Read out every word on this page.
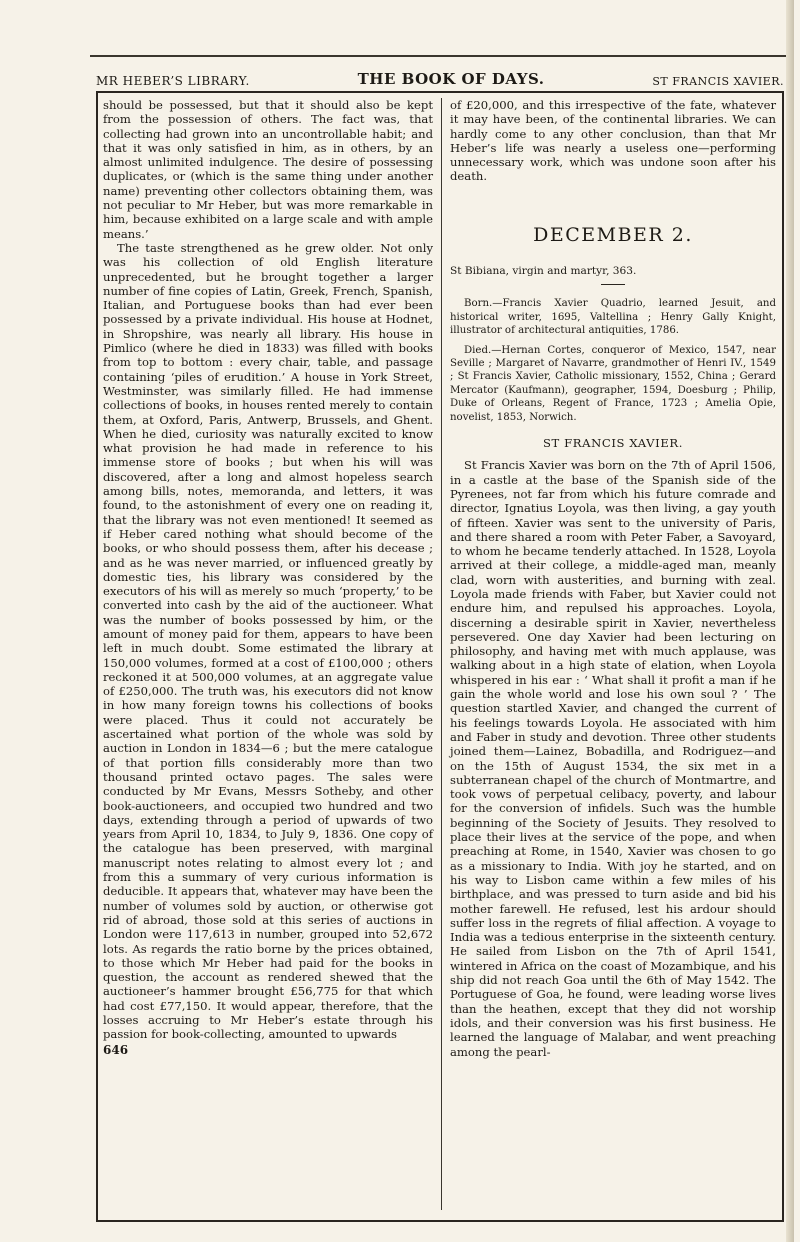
MR HEBER’S LIBRARY.	THE BOOK OF DAYS.	ST FRANCIS XAVIER.

should be possessed, but that it should also be kept from the possession of others. The fact was, that collecting had grown into an uncontrollable habit; and that it was only satisfied in him, as in others, by an almost unlimited indulgence. The desire of possessing duplicates, or (which is the same thing under another name) preventing other collectors obtaining them, was not peculiar to Mr Heber, but was more remarkable in him, because exhibited on a large scale and with ample means.’

The taste strengthened as he grew older. Not only was his collection of old English literature unprecedented, but he brought together a larger number of fine copies of Latin, Greek, French, Spanish, Italian, and Portuguese books than had ever been possessed by a private individual. His house at Hodnet, in Shropshire, was nearly all library. His house in Pimlico (where he died in 1833) was filled with books from top to bottom : every chair, table, and passage containing ‘piles of erudition.’ A house in York Street, Westminster, was similarly filled. He had immense collections of books, in houses rented merely to contain them, at Oxford, Paris, Antwerp, Brussels, and Ghent. When he died, curiosity was naturally excited to know what provision he had made in reference to his immense store of books ; but when his will was discovered, after a long and almost hopeless search among bills, notes, memoranda, and letters, it was found, to the astonishment of every one on reading it, that the library was not even mentioned! It seemed as if Heber cared nothing what should become of the books, or who should possess them, after his decease ; and as he was never married, or influenced greatly by domestic ties, his library was considered by the executors of his will as merely so much ‘property,’ to be converted into cash by the aid of the auctioneer. What was the number of books possessed by him, or the amount of money paid for them, appears to have been left in much doubt. Some estimated the library at 150,000 volumes, formed at a cost of £100,000 ; others reckoned it at 500,000 volumes, at an aggregate value of £250,000. The truth was, his executors did not know in how many foreign towns his collections of books were placed. Thus it could not accurately be ascertained what portion of the whole was sold by auction in London in 1834—6 ; but the mere catalogue of that portion fills considerably more than two thousand printed octavo pages. The sales were conducted by Mr Evans, Messrs Sotheby, and other book-auctioneers, and occupied two hundred and two days, extending through a period of upwards of two years from April 10, 1834, to July 9, 1836. One copy of the catalogue has been preserved, with marginal manuscript notes relating to almost every lot ; and from this a summary of very curious information is deducible. It appears that, whatever may have been the number of volumes sold by auction, or otherwise got rid of abroad, those sold at this series of auctions in London were 117,613 in number, grouped into 52,672 lots. As regards the ratio borne by the prices obtained, to those which Mr Heber had paid for the books in question, the account as rendered shewed that the auctioneer’s hammer brought £56,775 for that which had cost £77,150. It would appear, therefore, that the losses accruing to Mr Heber’s estate through his passion for book-collecting, amounted to upwards

646

of £20,000, and this irrespective of the fate, whatever it may have been, of the continental libraries. We can hardly come to any other conclusion, than that Mr Heber’s life was nearly a useless one—performing unnecessary work, which was undone soon after his death.

DECEMBER 2.

St Bibiana, virgin and martyr, 363.

Born.—Francis Xavier Quadrio, learned Jesuit, and historical writer, 1695, Valtellina ; Henry Gally Knight, illustrator of architectural antiquities, 1786.

Died.—Hernan Cortes, conqueror of Mexico, 1547, near Seville ; Margaret of Navarre, grandmother of Henri IV., 1549 ; St Francis Xavier, Catholic missionary, 1552, China ; Gerard Mercator (Kaufmann), geographer, 1594, Doesburg ; Philip, Duke of Orleans, Regent of France, 1723 ; Amelia Opie, novelist, 1853, Norwich.

ST FRANCIS XAVIER.

St Francis Xavier was born on the 7th of April 1506, in a castle at the base of the Spanish side of the Pyrenees, not far from which his future comrade and director, Ignatius Loyola, was then living, a gay youth of fifteen. Xavier was sent to the university of Paris, and there shared a room with Peter Faber, a Savoyard, to whom he became tenderly attached. In 1528, Loyola arrived at their college, a middle-aged man, meanly clad, worn with austerities, and burning with zeal. Loyola made friends with Faber, but Xavier could not endure him, and repulsed his approaches. Loyola, discerning a desirable spirit in Xavier, nevertheless persevered. One day Xavier had been lecturing on philosophy, and having met with much applause, was walking about in a high state of elation, when Loyola whispered in his ear : ‘ What shall it profit a man if he gain the whole world and lose his own soul ? ’ The question startled Xavier, and changed the current of his feelings towards Loyola. He associated with him and Faber in study and devotion. Three other students joined them—Lainez, Bobadilla, and Rodriguez—and on the 15th of August 1534, the six met in a subterranean chapel of the church of Montmartre, and took vows of perpetual celibacy, poverty, and labour for the conversion of infidels. Such was the humble beginning of the Society of Jesuits. They resolved to place their lives at the service of the pope, and when preaching at Rome, in 1540, Xavier was chosen to go as a missionary to India. With joy he started, and on his way to Lisbon came within a few miles of his birthplace, and was pressed to turn aside and bid his mother farewell. He refused, lest his ardour should suffer loss in the regrets of filial affection. A voyage to India was a tedious enterprise in the sixteenth century. He sailed from Lisbon on the 7th of April 1541, wintered in Africa on the coast of Mozambique, and his ship did not reach Goa until the 6th of May 1542. The Portuguese of Goa, he found, were leading worse lives than the heathen, except that they did not worship idols, and their conversion was his first business. He learned the language of Malabar, and went preaching among the pearl-
